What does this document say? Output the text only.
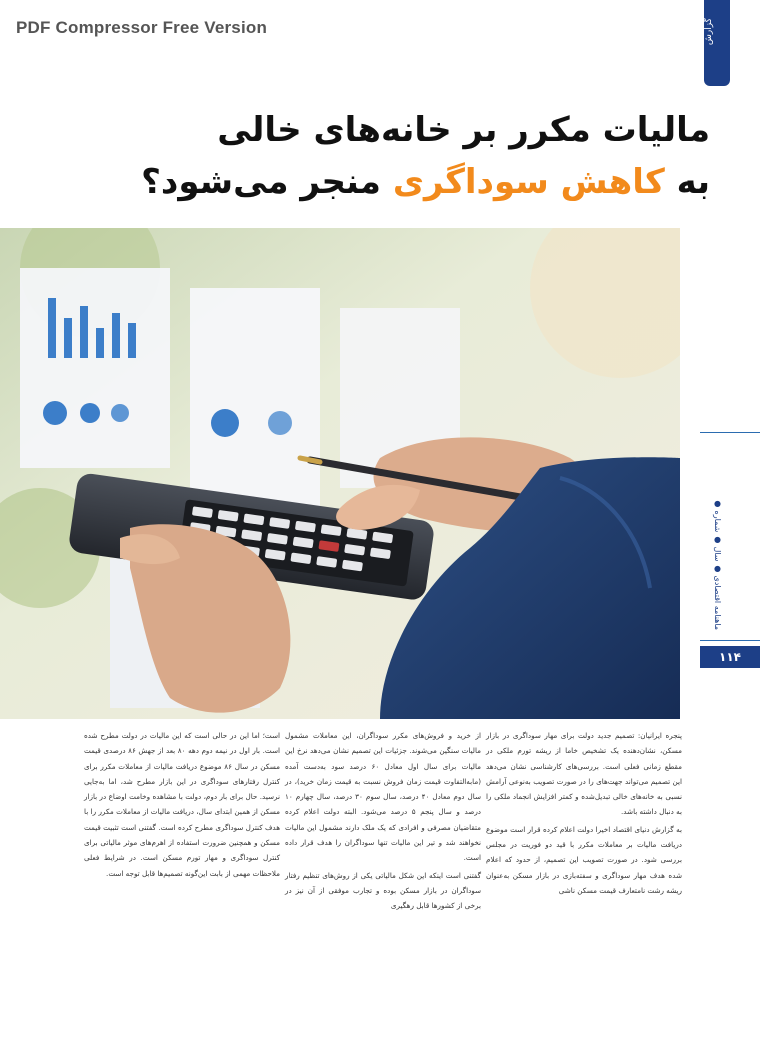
PDF Compressor Free Version	گزارش
مالیات مکرر بر خانه‌های خالی
به کاهش سوداگری منجر می‌شود؟
ماهنامه اقتصادی ● سال ● شماره ●
۱۱۴

پنجره ایرانیان: تصمیم جدید دولت برای مهار سوداگری در بازار مسکن، نشان‌دهنده یک تشخیص خاما از ریشه تورم ملکی در مقطع زمانی فعلی است. بررسی‌های کارشناسی نشان می‌دهد این تصمیم می‌تواند جهت‌های را در صورت تصویب به‌نوعی آرامش نسبی به خانه‌های خالی تبدیل‌شده و کمتر افزایش انجماد ملکی را به دنبال داشته باشد.

به گزارش دنیای اقتصاد اخیرا دولت اعلام کرده قرار است موضوع دریافت مالیات بر معاملات مکرر با قید دو فوریت در مجلس بررسی شود. در صورت تصویب این تصمیم، از حدود که اعلام شده هدف مهار سوداگری و سفته‌بازی در بازار مسکن به‌عنوان ریشه رشت نامتعارف قیمت مسکن ناشی

از خرید و فروش‌های مکرر سوداگران، این معاملات مشمول مالیات سنگین می‌شوند. جزئیات این تصمیم نشان می‌دهد نرخ این مالیات برای سال اول معادل ۶۰ درصد سود به‌دست آمده (مابه‌التفاوت قیمت زمان فروش نسبت به قیمت زمان خرید)، در سال دوم معادل ۴۰ درصد، سال سوم ۳۰ درصد، سال چهارم ۱۰ درصد و سال پنجم ۵ درصد می‌شود. البته دولت اعلام کرده متقاضیان مصرفی و افرادی که یک ملک دارند مشمول این مالیات نخواهند شد و تیر این مالیات تنها سوداگران را هدف قرار داده است.

گفتنی است اینکه این شکل مالیاتی یکی از روش‌های تنظیم رفتار سوداگران در بازار مسکن بوده و تجارب موفقی از آن نیز در برخی از کشورها قابل رهگیری

است؛ اما این در حالی است که این مالیات در دولت مطرح شده است. بار اول در نیمه دوم دهه ۸۰ بعد از جهش ۸۶ درصدی قیمت مسکن در سال ۸۶ موضوع دریافت مالیات از معاملات مکرر برای کنترل رفتارهای سوداگری در این بازار مطرح شد، اما به‌جایی نرسید. حال برای بار دوم، دولت با مشاهده وخامت اوضاع در بازار مسکن از همین ابتدای سال، دریافت مالیات از معاملات مکرر را با هدف کنترل سوداگری مطرح کرده است. گفتنی است تثبیت قیمت مسکن و همچنین ضرورت استفاده از اهرم‌های موثر مالیاتی برای کنترل سوداگری و مهار تورم مسکن است. در شرایط فعلی ملاحظات مهمی از بابت این‌گونه تصمیم‌ها قابل توجه است.
